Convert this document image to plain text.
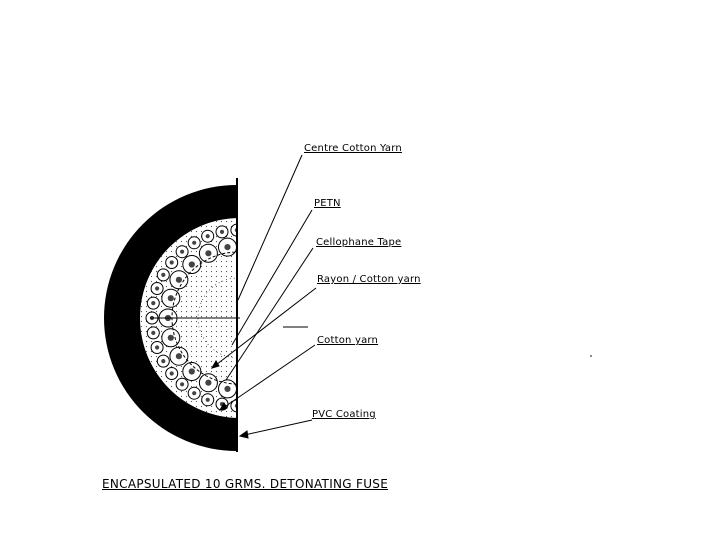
Centre Cotton Yarn
PETN
Cellophane Tape
Rayon / Cotton yarn
Cotton yarn
PVC Coating
ENCAPSULATED 10 GRMS. DETONATING FUSE
